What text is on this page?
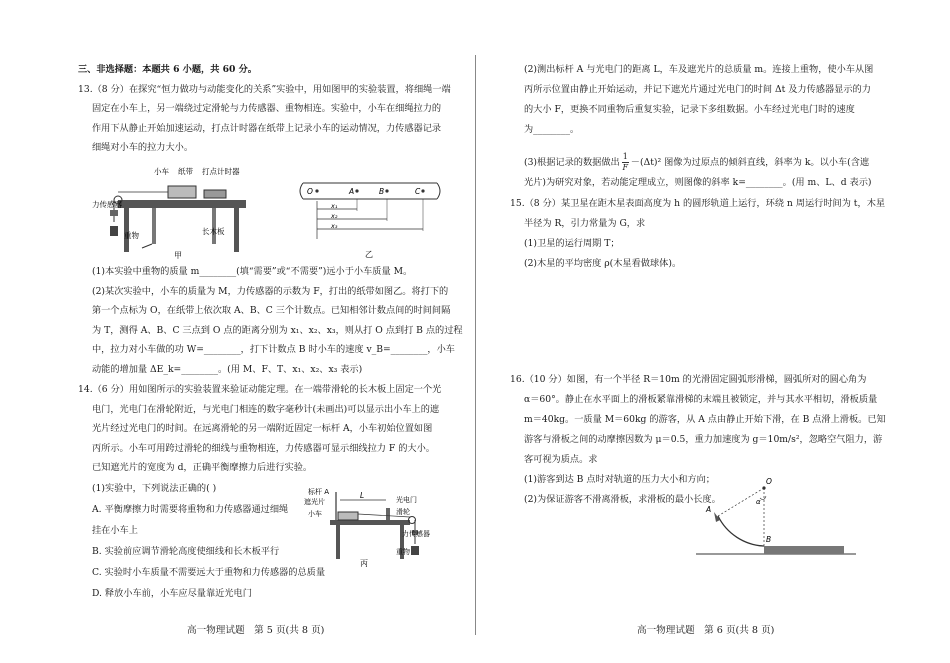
三、非选择题：本题共 6 小题，共 60 分。

13.（8 分）在探究“恒力做功与动能变化的关系”实验中，用如图甲的实验装置，将细绳一端

固定在小车上，另一端绕过定滑轮与力传感器、重物相连。实验中，小车在细绳拉力的

作用下从静止开始加速运动，打点计时器在纸带上记录小车的运动情况，力传感器记录

细绳对小车的拉力大小。

小车 纸带 打点计时器
力传感器
重物	长木板
甲
O	A	B	C
x₁
x₂
x₃
乙

(1)本实验中重物的质量 m________(填“需要”或“不需要”)远小于小车质量 M。

(2)某次实验中，小车的质量为 M，力传感器的示数为 F，打出的纸带如图乙。将打下的

第一个点标为 O，在纸带上依次取 A、B、C 三个计数点。已知相邻计数点间的时间间隔

为 T，测得 A、B、C 三点到 O 点的距离分别为 x₁、x₂、x₃，则从打 O 点到打 B 点的过程

中，拉力对小车做的功 W=________，打下计数点 B 时小车的速度 v_B=________，小车

动能的增加量 ΔE_k=________。(用 M、F、T、x₁、x₂、x₃ 表示)

14.（6 分）用如图所示的实验装置来验证动能定理。在一端带滑轮的长木板上固定一个光

电门，光电门在滑轮附近，与光电门相连的数字毫秒计(未画出)可以显示出小车上的遮

光片经过光电门的时间。在远离滑轮的另一端附近固定一标杆 A，小车初始位置如图

丙所示。小车可用跨过滑轮的细线与重物相连，力传感器可显示细线拉力 F 的大小。

已知遮光片的宽度为 d，正确平衡摩擦力后进行实验。

(1)实验中，下列说法正确的( )

A. 平衡摩擦力时需要将重物和力传感器通过细绳

挂在小车上

B. 实验前应调节滑轮高度使细线和长木板平行

C. 实验时小车质量不需要远大于重物和力传感器的总质量

D. 释放小车前，小车应尽量靠近光电门

标杆 A
遮光片
小车
L	光电门
滑轮
力传感器
重物
丙
高一物理试题　第 5 页(共 8 页)

(2)测出标杆 A 与光电门的距离 L，车及遮光片的总质量 m。连接上重物，使小车从图

丙所示位置由静止开始运动，并记下遮光片通过光电门的时间 Δt 及力传感器显示的力

的大小 F，更换不同重物后重复实验，记录下多组数据。小车经过光电门时的速度

为________。

(3)根据记录的数据做出 $\frac{1}{F} -(\Delta t)^2$ 图像为过原点的倾斜直线，斜率为 k。以小车(含遮

光片)为研究对象，若动能定理成立，则图像的斜率 k=________。(用 m、L、d 表示)

15.（8 分）某卫星在距木星表面高度为 h 的圆形轨道上运行，环绕 n 周运行时间为 t，木星

半径为 R，引力常量为 G，求

(1)卫星的运行周期 T；

(2)木星的平均密度 ρ(木星看做球体)。

16.（10 分）如图，有一个半径 R＝10m 的光滑固定圆弧形滑梯，圆弧所对的圆心角为

α＝60°。静止在水平面上的滑板紧靠滑梯的末端且被锁定，并与其水平相切，滑板质量

m＝40kg。一质量 M＝60kg 的游客，从 A 点由静止开始下滑，在 B 点滑上滑板。已知

游客与滑板之间的动摩擦因数为 μ＝0.5，重力加速度为 g＝10m/s²，忽略空气阻力，游

客可视为质点。求

(1)游客到达 B 点时对轨道的压力大小和方向；

(2)为保证游客不滑离滑板，求滑板的最小长度。

O
α
A
B
高一物理试题　第 6 页(共 8 页)
